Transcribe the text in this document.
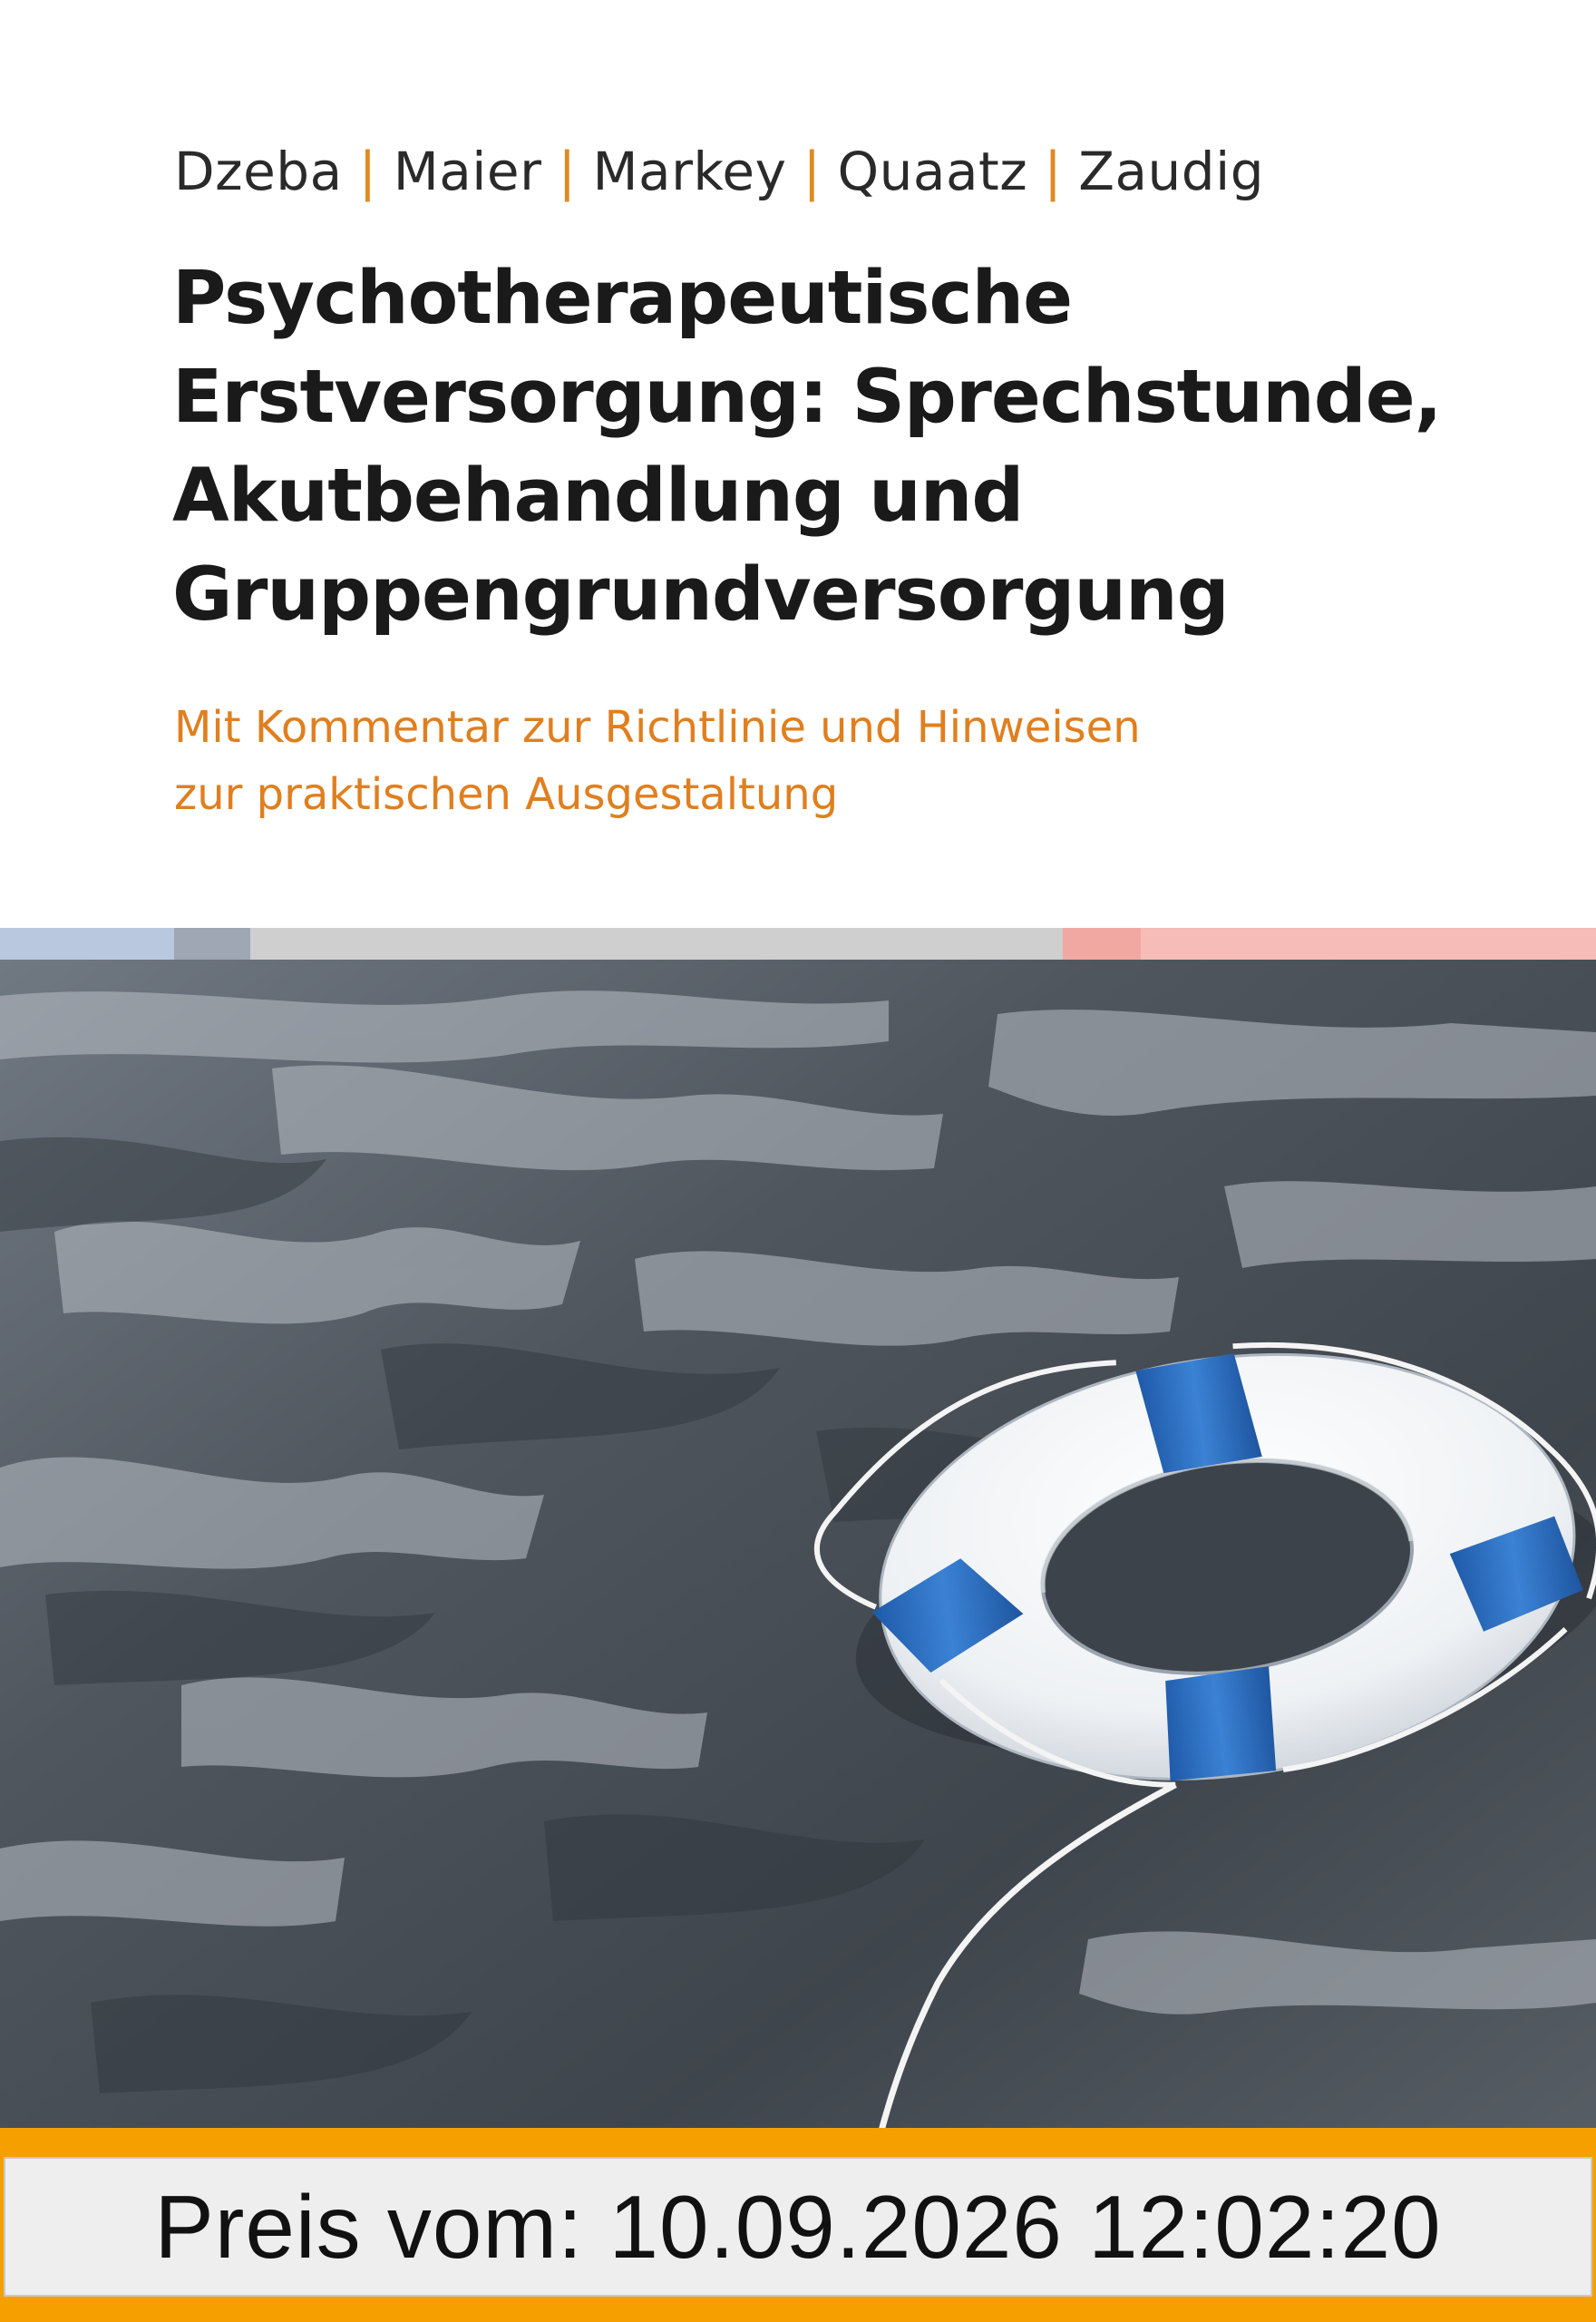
Dzeba | Maier | Markey | Quaatz | Zaudig
Psychotherapeutische
Erstversorgung: Sprechstunde,
Akutbehandlung und
Gruppengrundversorgung
Mit Kommentar zur Richtlinie und Hinweisen
zur praktischen Ausgestaltung
Preis vom: 10.09.2026 12:02:20
